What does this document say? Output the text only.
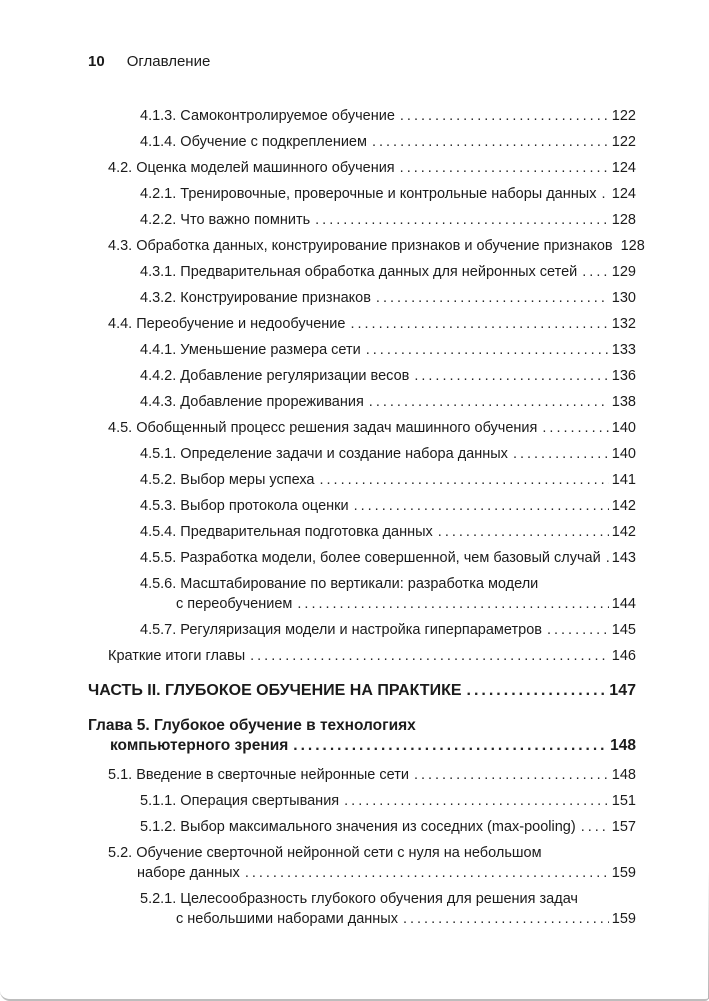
10 Оглавление
4.1.3. Самоконтролируемое обучение .....	122
4.1.4. Обучение с подкреплением .....	122
4.2. Оценка моделей машинного обучения .....	124
4.2.1. Тренировочные, проверочные и контрольные наборы данных ..... 124
4.2.2. Что важно помнить .....	128
4.3. Обработка данных, конструирование признаков и обучение признаков 128
4.3.1. Предварительная обработка данных для нейронных сетей ..... 129
4.3.2. Конструирование признаков .....	130
4.4. Переобучение и недообучение .....	132
4.4.1. Уменьшение размера сети .....	133
4.4.2. Добавление регуляризации весов .....	136
4.4.3. Добавление прореживания .....	138
4.5. Обобщенный процесс решения задач машинного обучения .....	140
4.5.1. Определение задачи и создание набора данных .....	140
4.5.2. Выбор меры успеха .....	141
4.5.3. Выбор протокола оценки .....	142
4.5.4. Предварительная подготовка данных .....	142
4.5.5. Разработка модели, более совершенной, чем базовый случай ..... 143
4.5.6. Масштабирование по вертикали: разработка модели
с переобучением .....	144
4.5.7. Регуляризация модели и настройка гиперпараметров .....	145
Краткие итоги главы .....	146
ЧАСТЬ II. ГЛУБОКОЕ ОБУЧЕНИЕ НА ПРАКТИКЕ .....	147
Глава 5. Глубокое обучение в технологиях
компьютерного зрения .....	148
5.1. Введение в сверточные нейронные сети .....	148
5.1.1. Операция свертывания .....	151
5.1.2. Выбор максимального значения из соседних (max-pooling) ..... 157
5.2. Обучение сверточной нейронной сети с нуля на небольшом
наборе данных .....	159
5.2.1. Целесообразность глубокого обучения для решения задач
с небольшими наборами данных .....	159
